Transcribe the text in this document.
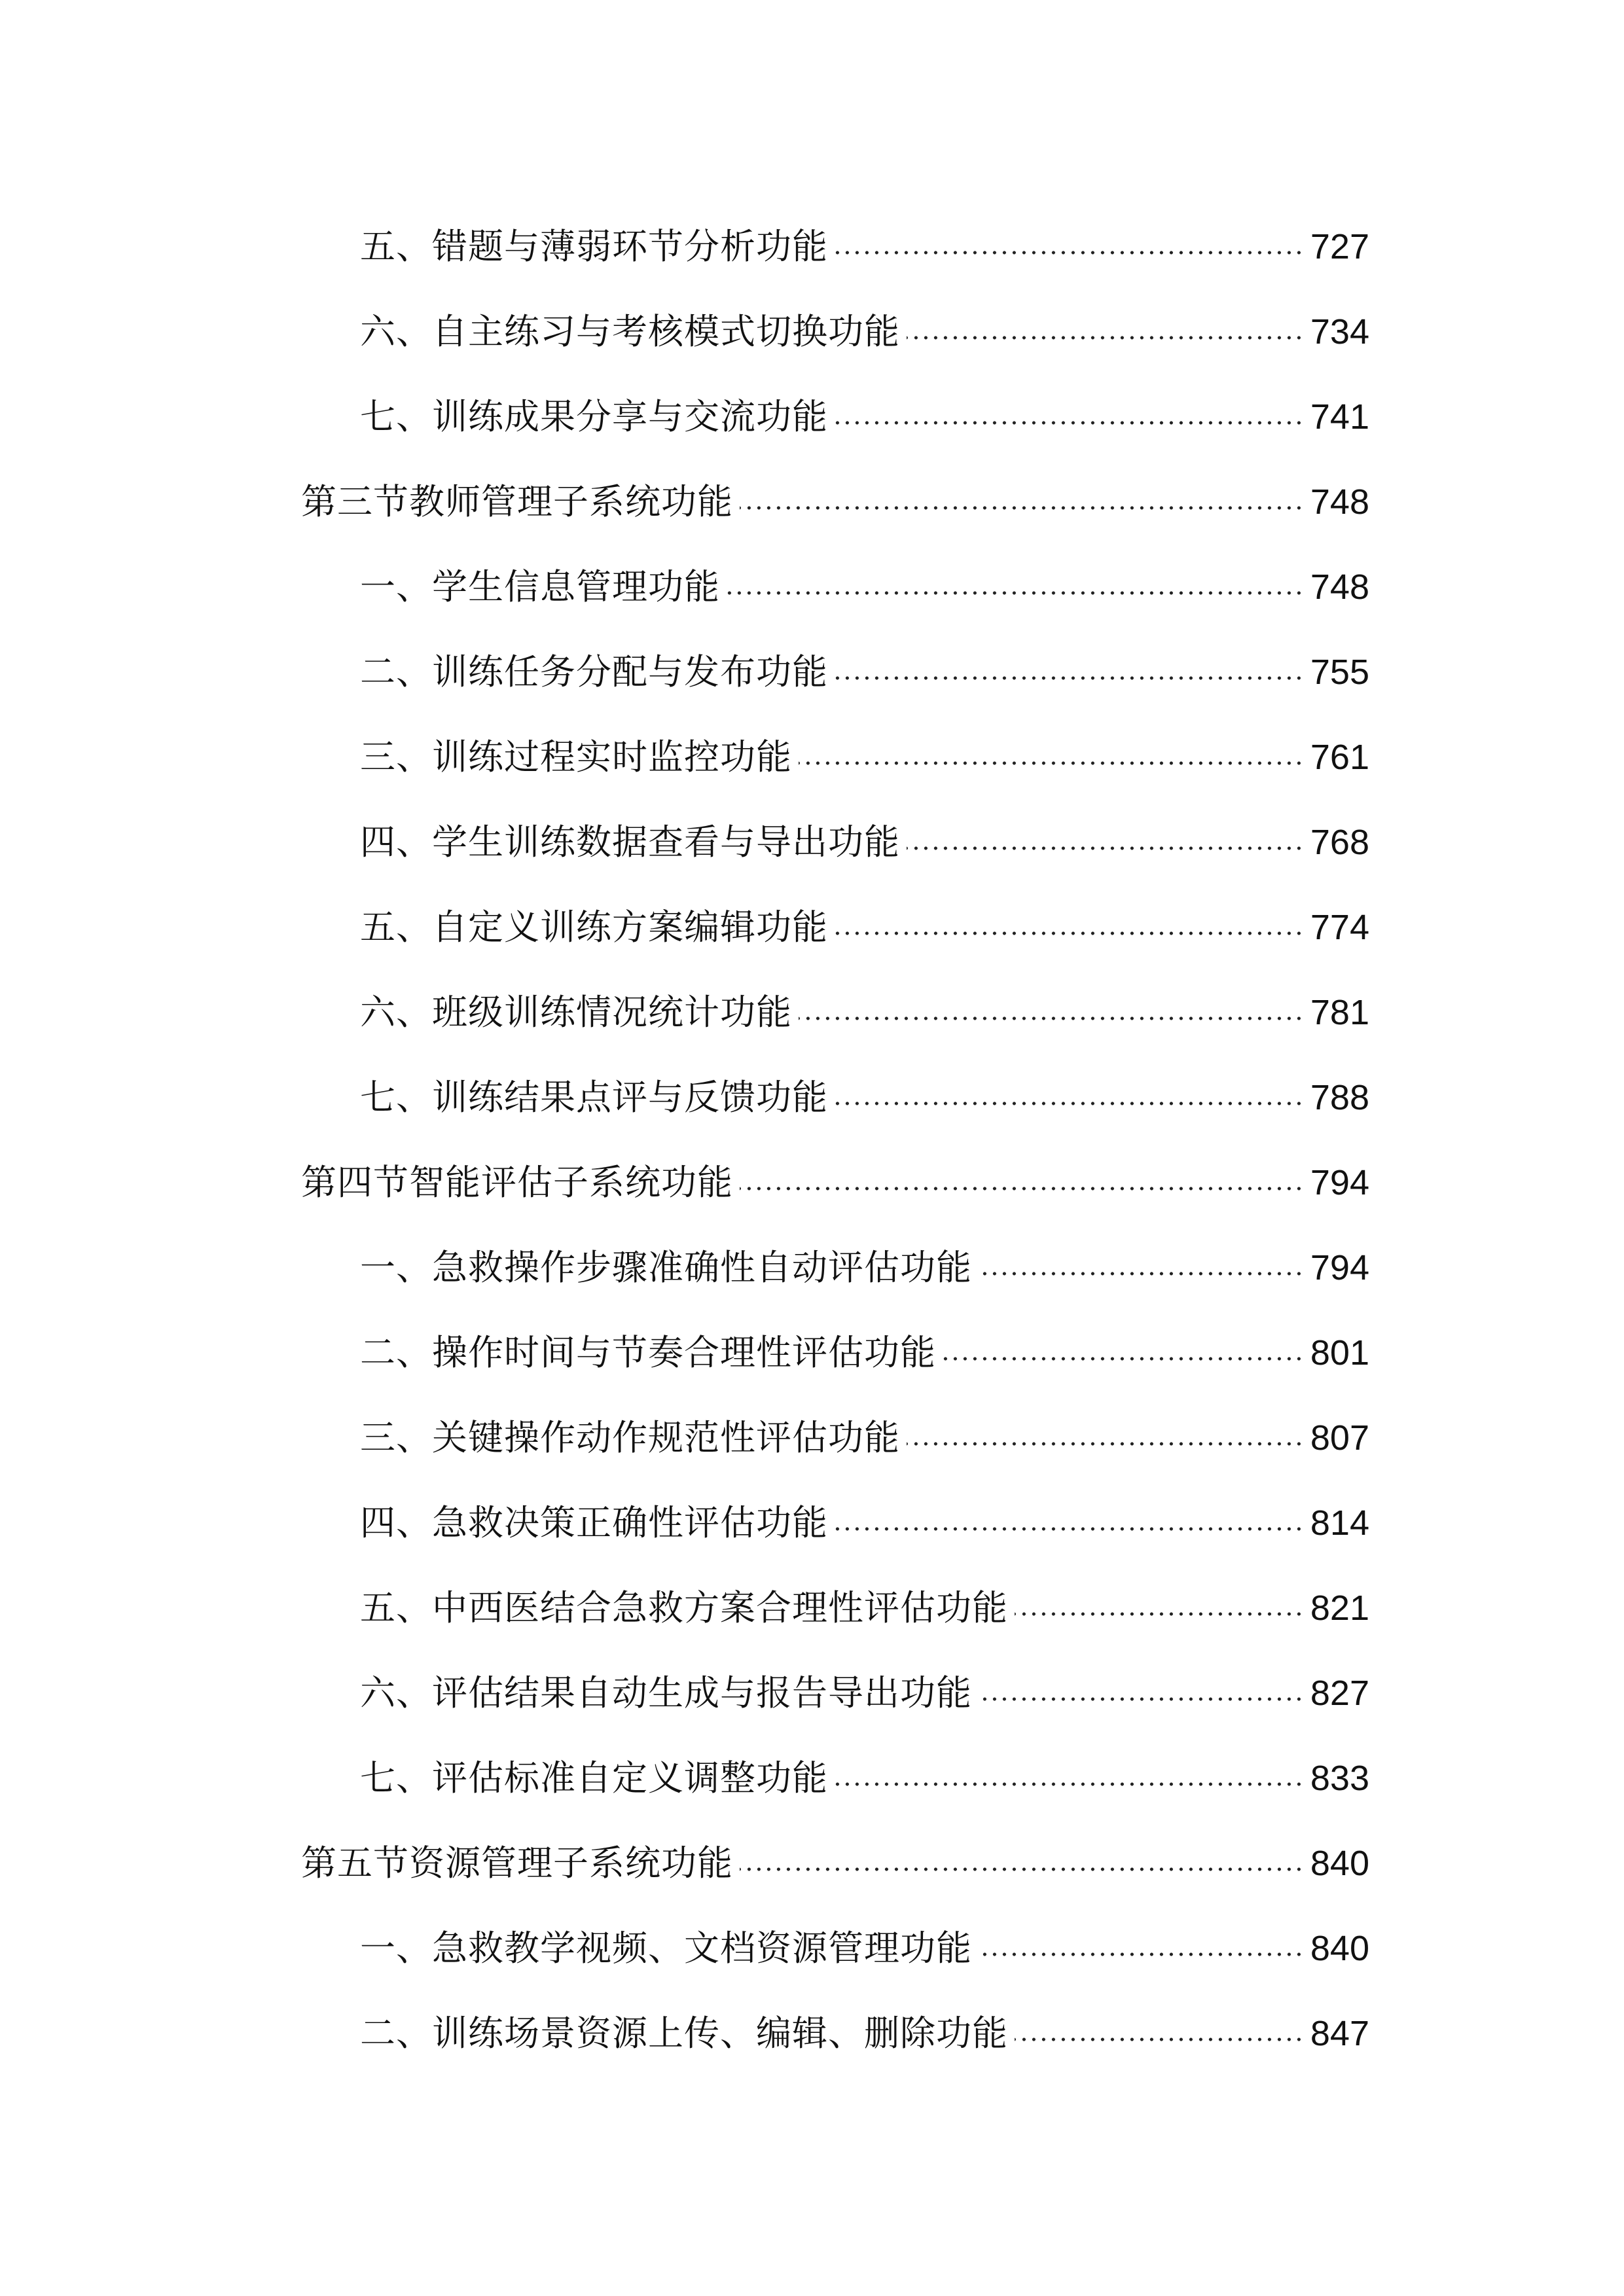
五、错题与薄弱环节分析功能	727
六、自主练习与考核模式切换功能	734
七、训练成果分享与交流功能	741
第三节教师管理子系统功能	748
一、学生信息管理功能	748
二、训练任务分配与发布功能	755
三、训练过程实时监控功能	761
四、学生训练数据查看与导出功能	768
五、自定义训练方案编辑功能	774
六、班级训练情况统计功能	781
七、训练结果点评与反馈功能	788
第四节智能评估子系统功能	794
一、急救操作步骤准确性自动评估功能	794
二、操作时间与节奏合理性评估功能	801
三、关键操作动作规范性评估功能	807
四、急救决策正确性评估功能	814
五、中西医结合急救方案合理性评估功能	821
六、评估结果自动生成与报告导出功能	827
七、评估标准自定义调整功能	833
第五节资源管理子系统功能	840
一、急救教学视频、文档资源管理功能	840
二、训练场景资源上传、编辑、删除功能	847
